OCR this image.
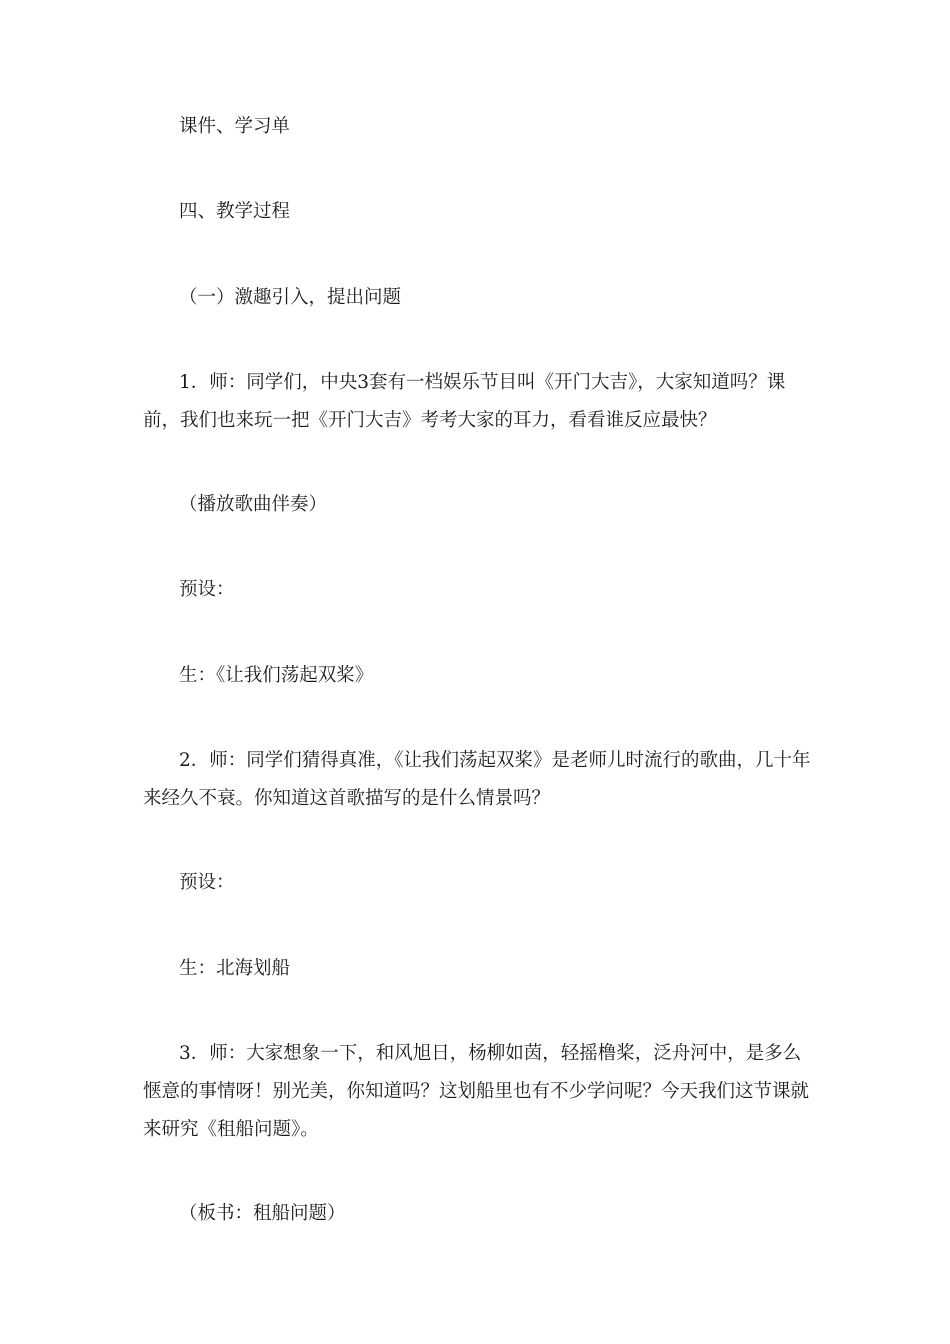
课件、学习单

四、教学过程

（一）激趣引入，提出问题

1．师：同学们，中央3套有一档娱乐节目叫《开门大吉》，大家知道吗？课前，我们也来玩一把《开门大吉》考考大家的耳力，看看谁反应最快？

（播放歌曲伴奏）

预设：

生：《让我们荡起双桨》

2．师：同学们猜得真准，《让我们荡起双桨》是老师儿时流行的歌曲，几十年来经久不衰。你知道这首歌描写的是什么情景吗？

预设：

生：北海划船

3．师：大家想象一下，和风旭日，杨柳如茵，轻摇橹桨，泛舟河中，是多么惬意的事情呀！别光美，你知道吗？这划船里也有不少学问呢？今天我们这节课就来研究《租船问题》。

（板书：租船问题）
